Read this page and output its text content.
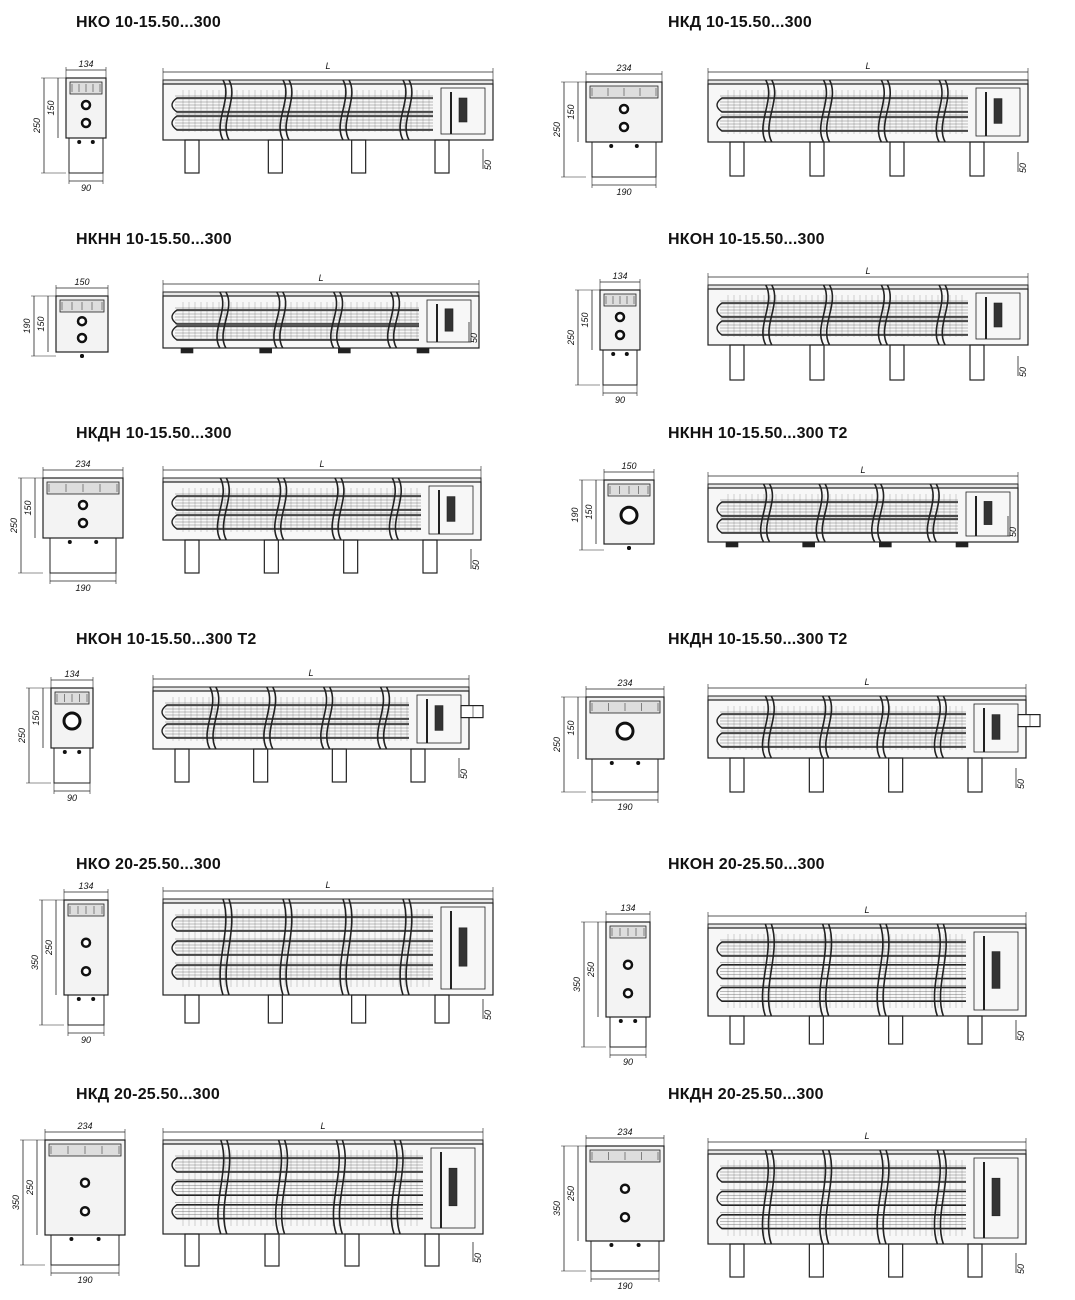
НКО 10-15.50...300	НКД 10-15.50...300
НКНН 10-15.50...300	НКОН 10-15.50...300
НКДН 10-15.50...300	НКНН 10-15.50...300 Т2
НКОН 10-15.50...300 Т2	НКДН 10-15.50...300 Т2
НКО 20-25.50...300	НКОН 20-25.50...300
НКД 20-25.50...300	НКДН 20-25.50...300
134
250
150
90
L
50
234
250
150
190
L
50
150
190 150
L
50
134
250
150
90
L
50
234
250
150
190
L
50
150
190 150
L
50
134
250
150
90
L
50
234
250
150
190
L
50
134
350
250
90
L
50
134
350
250
90
L
50
234
350
250
190
L
50
234
350
250
190
L
50
